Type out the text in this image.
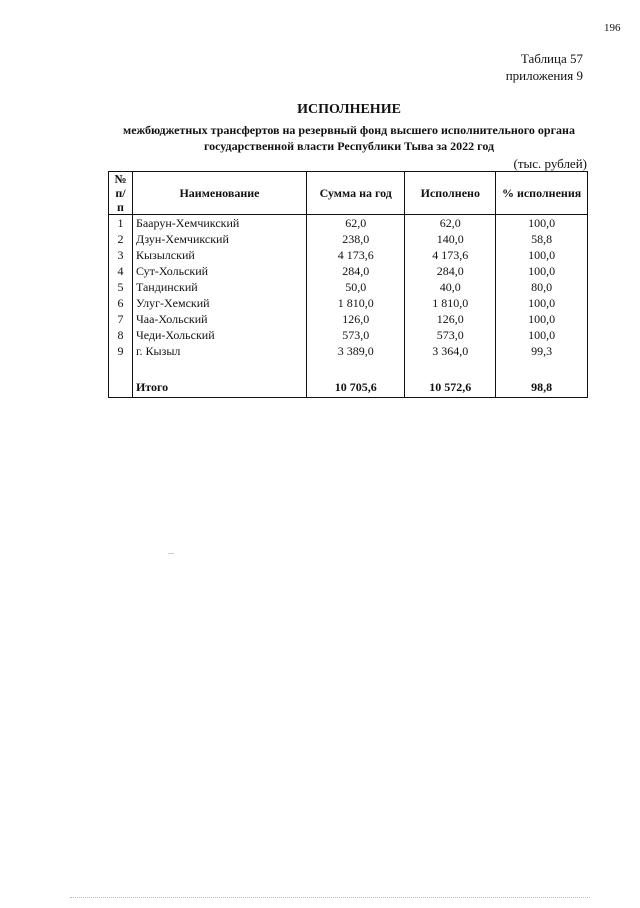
196
Таблица 57
приложения 9
ИСПОЛНЕНИЕ
межбюджетных трансфертов на резервный фонд высшего исполнительного органа
государственной власти Республики Тыва за 2022 год
(тыс. рублей)
№
п/п	Наименование	Сумма на год	Исполнено	% исполнения
1	Баарун-Хемчикский	62,0	62,0	100,0
2	Дзун-Хемчикский	238,0	140,0	58,8
3	Кызылский	4 173,6	4 173,6	100,0
4	Сут-Хольский	284,0	284,0	100,0
5	Тандинский	50,0	40,0	80,0
6	Улуг-Хемский	1 810,0	1 810,0	100,0
7	Чаа-Хольский	126,0	126,0	100,0
8	Чеди-Хольский	573,0	573,0	100,0
9	г. Кызыл	3 389,0	3 364,0	99,3

	Итого	10 705,6	10 572,6	98,8
